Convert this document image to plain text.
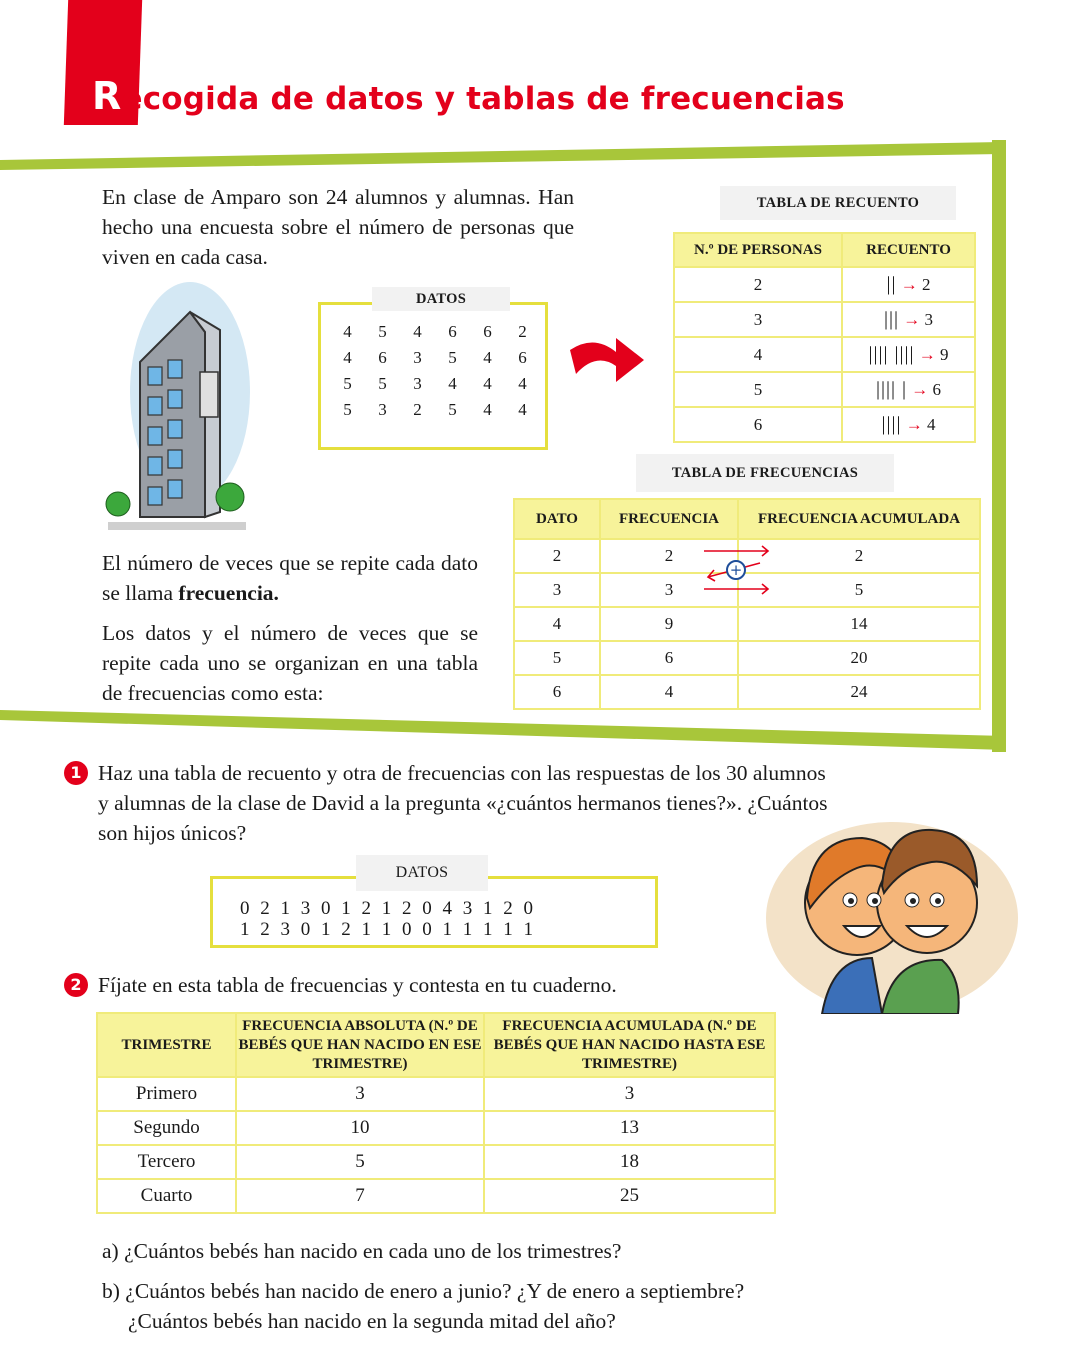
Recogida de datos y tablas de frecuencias
En clase de Amparo son 24 alumnos y alumnas. Han hecho una encuesta sobre el número de personas que viven en cada casa.
DATOS
4	5	4	6	6	2
4	6	3	5	4	6
5	5	3	4	4	4
5	3	2	5	4	4
TABLA DE RECUENTO
N.º DE PERSONAS	RECUENTO
2	|| → 2
3	||| → 3
4	|||| |||| → 9
5	|||| | → 6
6	|||| → 4
TABLA DE FRECUENCIAS
DATO	FRECUENCIA	FRECUENCIA ACUMULADA
2	2	2
3	3	5
4	9	14
5	6	20
6	4	24
+
El número de veces que se repite cada dato se llama frecuencia.
Los datos y el número de veces que se repite cada uno se organizan en una tabla de frecuencias como esta:
1 Haz una tabla de recuento y otra de frecuencias con las respuestas de los 30 alumnos y alumnas de la clase de David a la pregunta «¿cuántos hermanos tienes?». ¿Cuántos son hijos únicos?
DATOS
0 2 1 3 0 1 2 1 2 0 4 3 1 2 0
1 2 3 0 1 2 1 1 0 0 1 1 1 1 1
2 Fíjate en esta tabla de frecuencias y contesta en tu cuaderno.
TRIMESTRE	FRECUENCIA ABSOLUTA (N.º DE BEBÉS QUE HAN NACIDO EN ESE TRIMESTRE)	FRECUENCIA ACUMULADA (N.º DE BEBÉS QUE HAN NACIDO HASTA ESE TRIMESTRE)
Primero	3	3
Segundo	10	13
Tercero	5	18
Cuarto	7	25
a) ¿Cuántos bebés han nacido en cada uno de los trimestres?
b) ¿Cuántos bebés han nacido de enero a junio? ¿Y de enero a septiembre?
¿Cuántos bebés han nacido en la segunda mitad del año?
